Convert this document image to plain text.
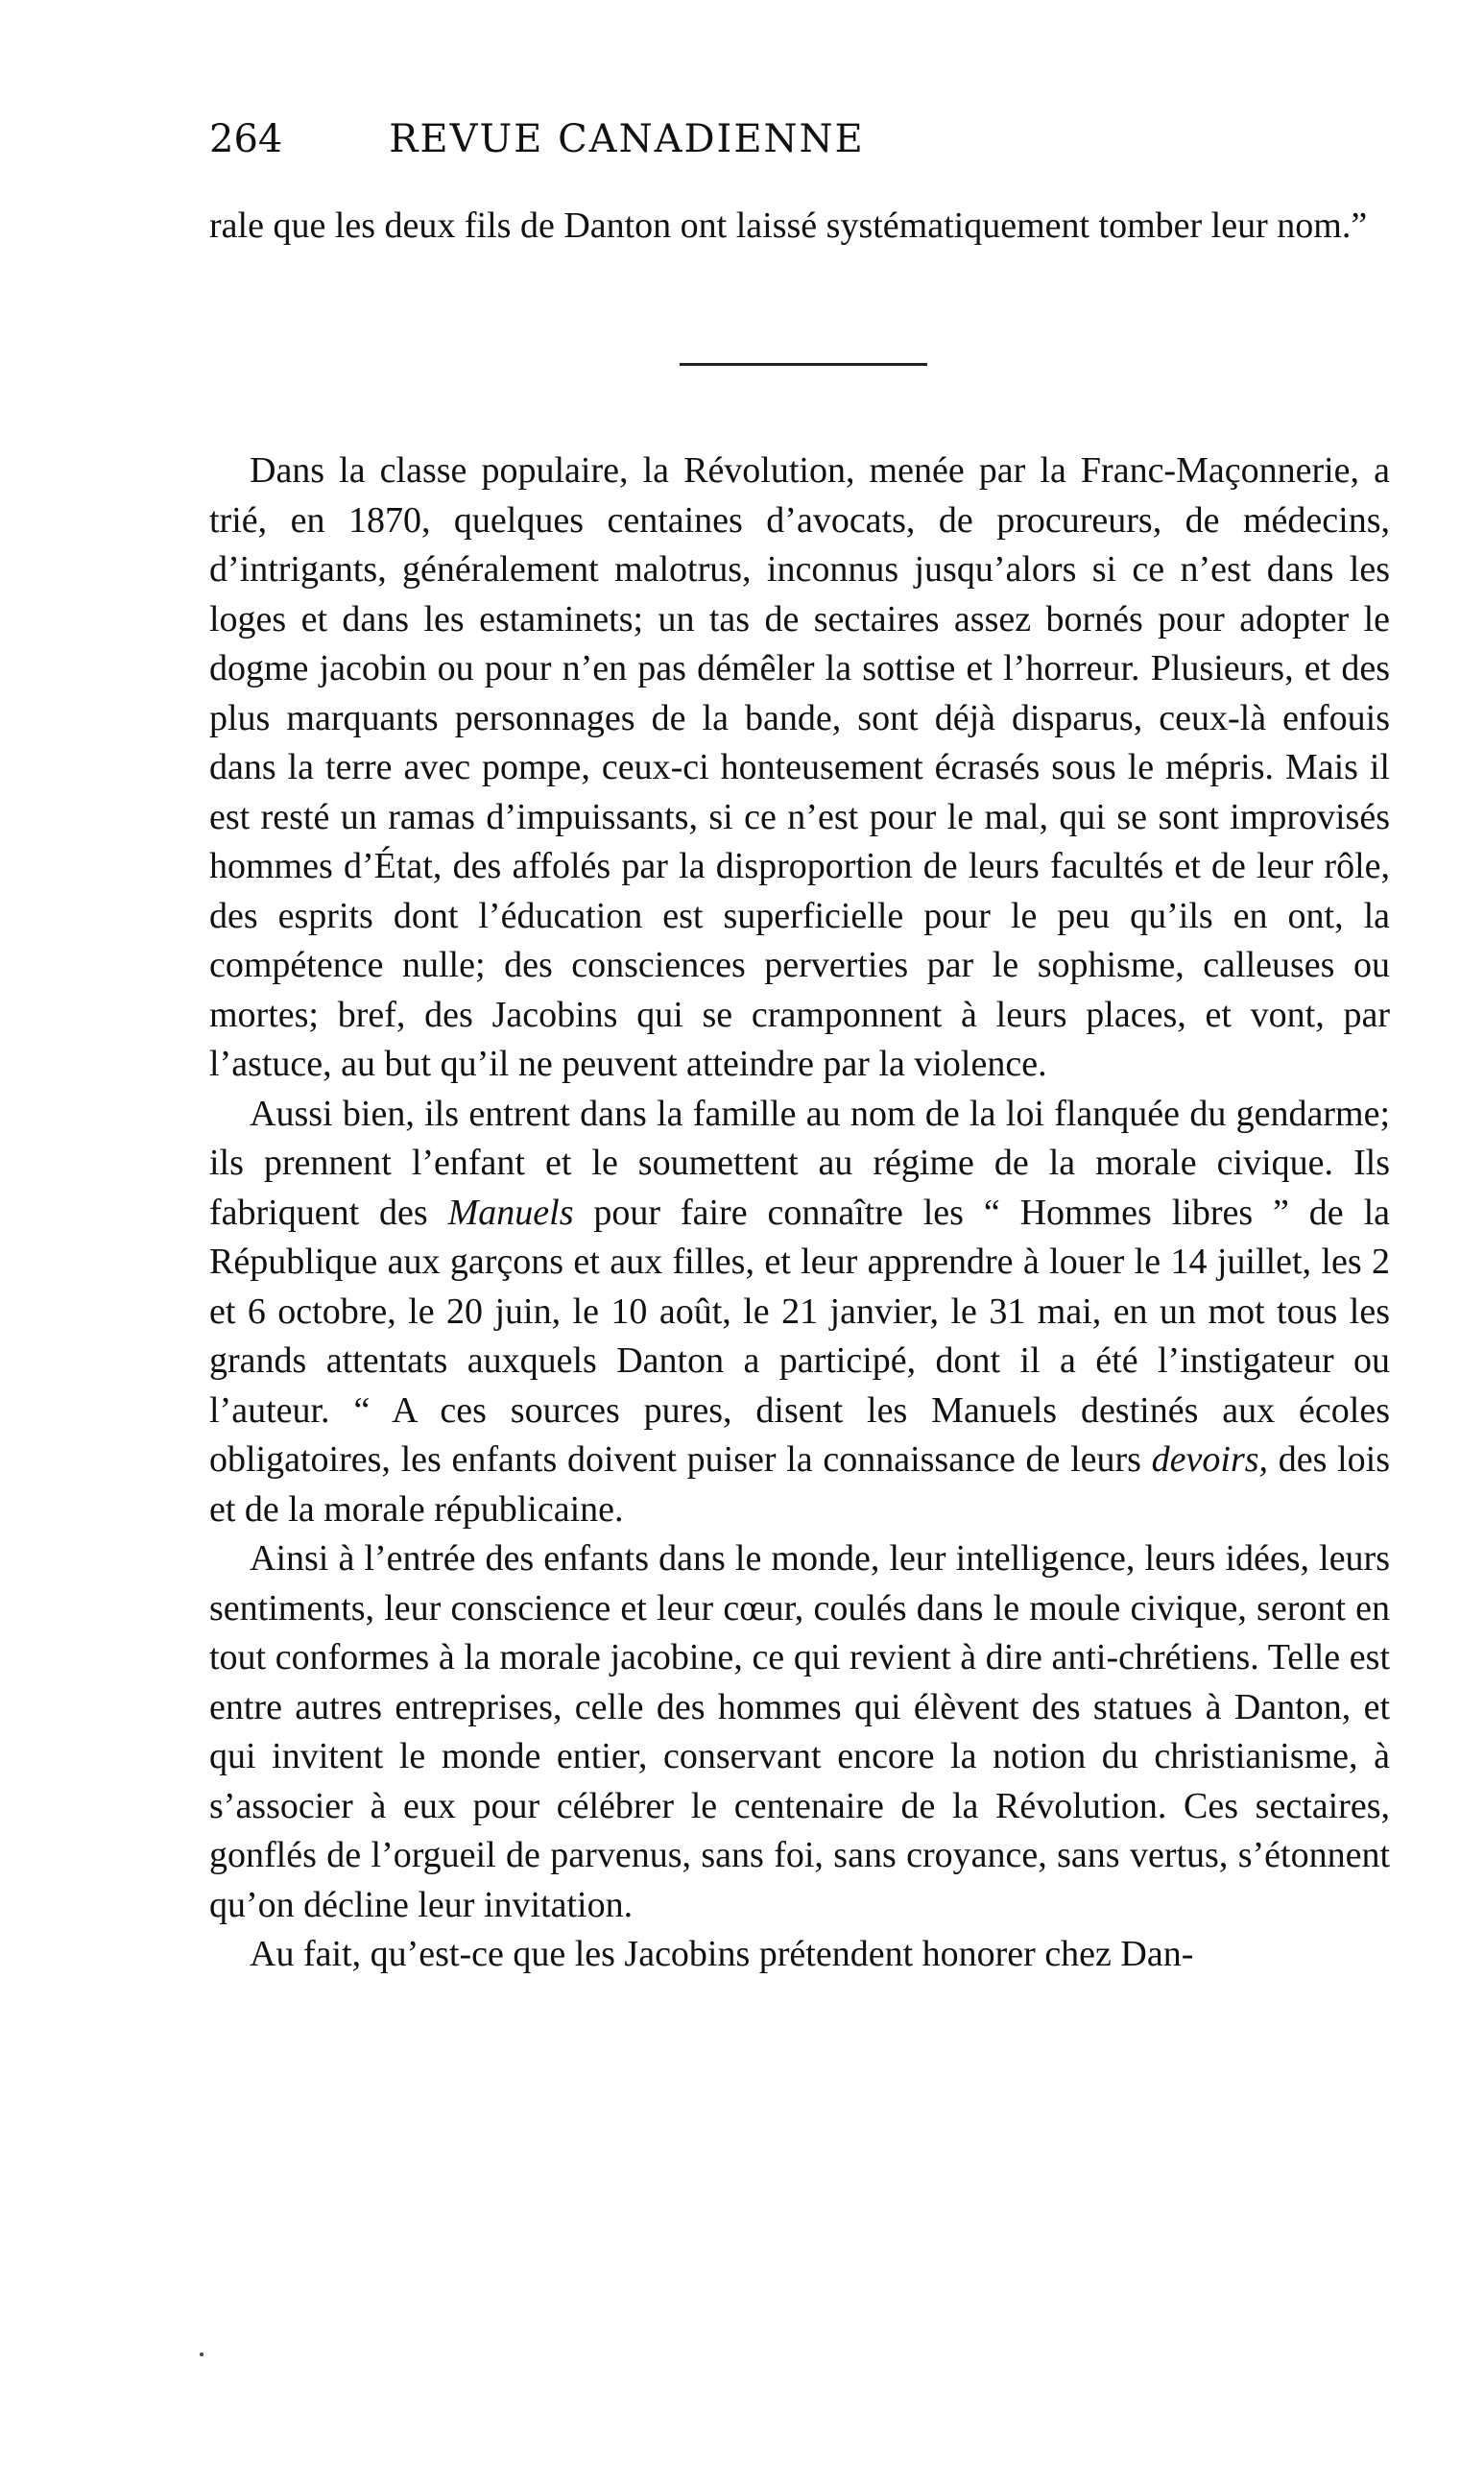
264	REVUE CANADIENNE

rale que les deux fils de Danton ont laissé systématiquement tomber leur nom.”

Dans la classe populaire, la Révolution, menée par la Franc-Maçonnerie, a trié, en 1870, quelques centaines d’avocats, de procureurs, de médecins, d’intrigants, généralement malotrus, inconnus jusqu’alors si ce n’est dans les loges et dans les estaminets; un tas de sectaires assez bornés pour adopter le dogme jacobin ou pour n’en pas démêler la sottise et l’horreur. Plusieurs, et des plus marquants personnages de la bande, sont déjà disparus, ceux-là enfouis dans la terre avec pompe, ceux-ci honteusement écrasés sous le mépris. Mais il est resté un ramas d’impuissants, si ce n’est pour le mal, qui se sont improvisés hommes d’État, des affolés par la disproportion de leurs facultés et de leur rôle, des esprits dont l’éducation est superficielle pour le peu qu’ils en ont, la compétence nulle; des consciences perverties par le sophisme, calleuses ou mortes; bref, des Jacobins qui se cramponnent à leurs places, et vont, par l’astuce, au but qu’il ne peuvent atteindre par la violence.

Aussi bien, ils entrent dans la famille au nom de la loi flanquée du gendarme; ils prennent l’enfant et le soumettent au régime de la morale civique. Ils fabriquent des Manuels pour faire connaître les “ Hommes libres ” de la République aux garçons et aux filles, et leur apprendre à louer le 14 juillet, les 2 et 6 octobre, le 20 juin, le 10 août, le 21 janvier, le 31 mai, en un mot tous les grands attentats auxquels Danton a participé, dont il a été l’instigateur ou l’auteur. “ A ces sources pures, disent les Manuels destinés aux écoles obligatoires, les enfants doivent puiser la connaissance de leurs devoirs, des lois et de la morale républicaine.

Ainsi à l’entrée des enfants dans le monde, leur intelligence, leurs idées, leurs sentiments, leur conscience et leur cœur, coulés dans le moule civique, seront en tout conformes à la morale jacobine, ce qui revient à dire anti-chrétiens. Telle est entre autres entreprises, celle des hommes qui élèvent des statues à Danton, et qui invitent le monde entier, conservant encore la notion du christianisme, à s’associer à eux pour célébrer le centenaire de la Révolution. Ces sectaires, gonflés de l’orgueil de parvenus, sans foi, sans croyance, sans vertus, s’étonnent qu’on décline leur invitation.

Au fait, qu’est-ce que les Jacobins prétendent honorer chez Dan-
